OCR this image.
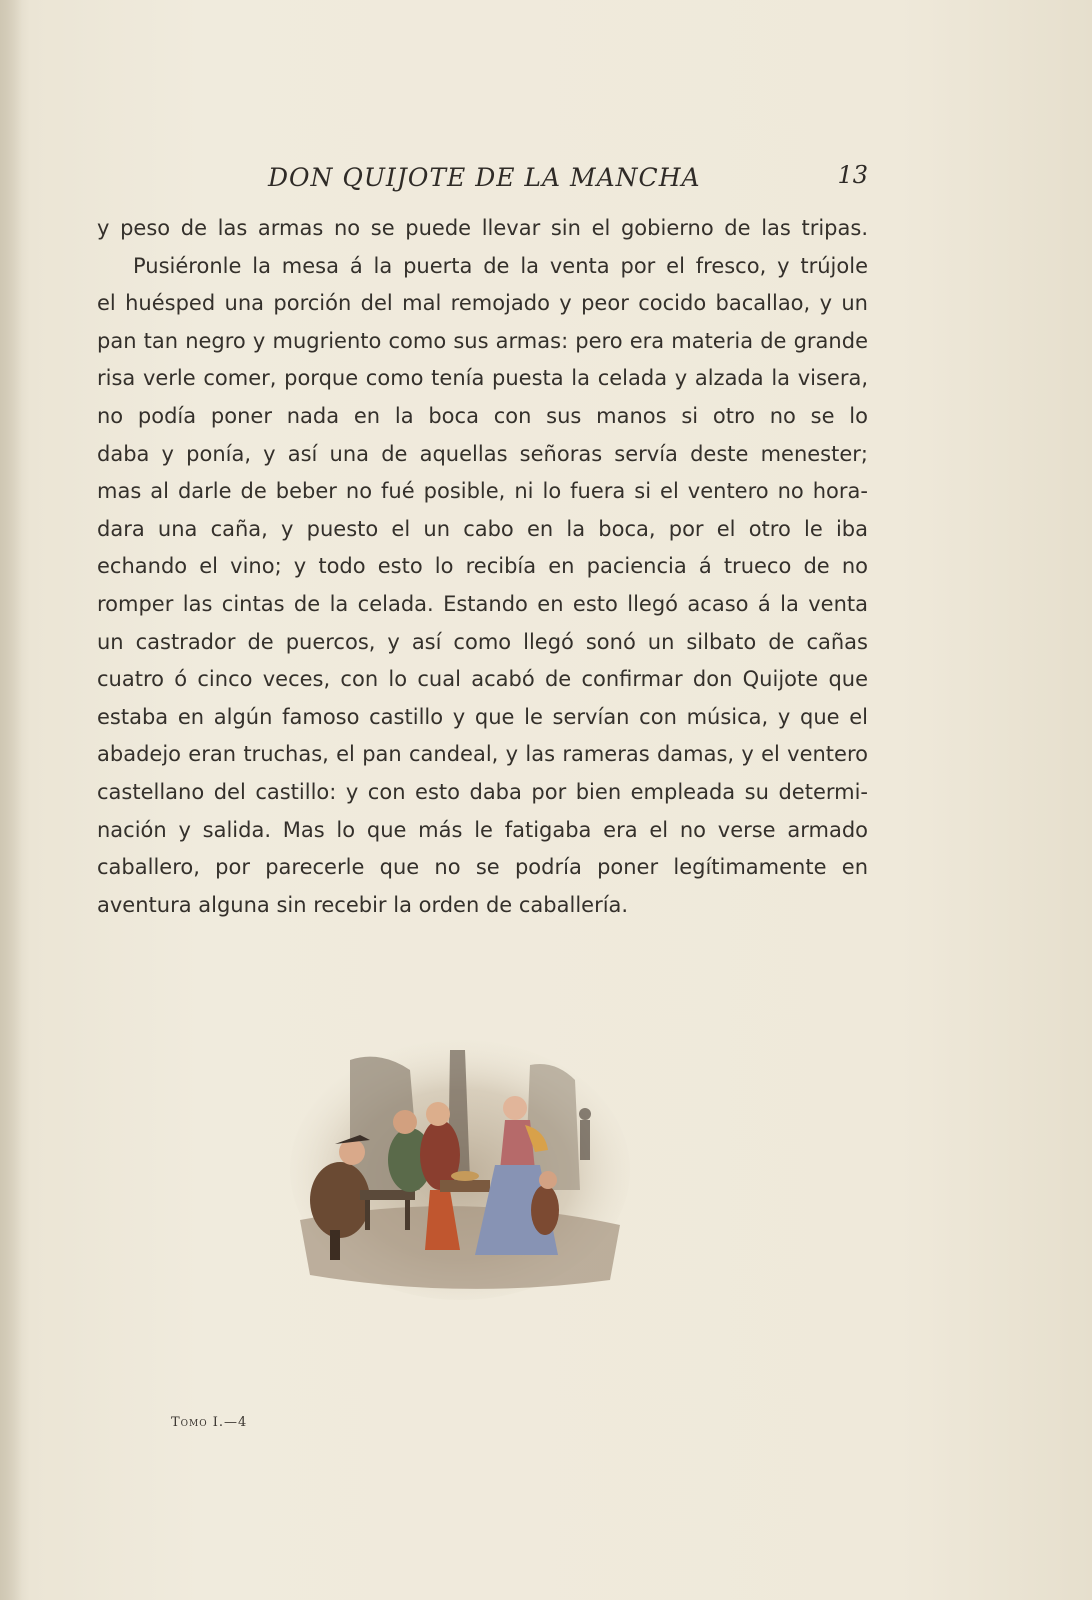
DON QUIJOTE DE LA MANCHA	13
y peso de las armas no se puede llevar sin el gobierno de las tripas.
Pusiéronle la mesa á la puerta de la venta por el fresco, y trújole
el huésped una porción del mal remojado y peor cocido bacallao, y un
pan tan negro y mugriento como sus armas: pero era materia de grande
risa verle comer, porque como tenía puesta la celada y alzada la visera,
no podía poner nada en la boca con sus manos si otro no se lo
daba y ponía, y así una de aquellas señoras servía deste menester;
mas al darle de beber no fué posible, ni lo fuera si el ventero no hora-
dara una caña, y puesto el un cabo en la boca, por el otro le iba
echando el vino; y todo esto lo recibía en paciencia á trueco de no
romper las cintas de la celada. Estando en esto llegó acaso á la venta
un castrador de puercos, y así como llegó sonó un silbato de cañas
cuatro ó cinco veces, con lo cual acabó de confirmar don Quijote que
estaba en algún famoso castillo y que le servían con música, y que el
abadejo eran truchas, el pan candeal, y las rameras damas, y el ventero
castellano del castillo: y con esto daba por bien empleada su determi-
nación y salida. Mas lo que más le fatigaba era el no verse armado
caballero, por parecerle que no se podría poner legítimamente en
aventura alguna sin recebir la orden de caballería.
Tomo I.—4
